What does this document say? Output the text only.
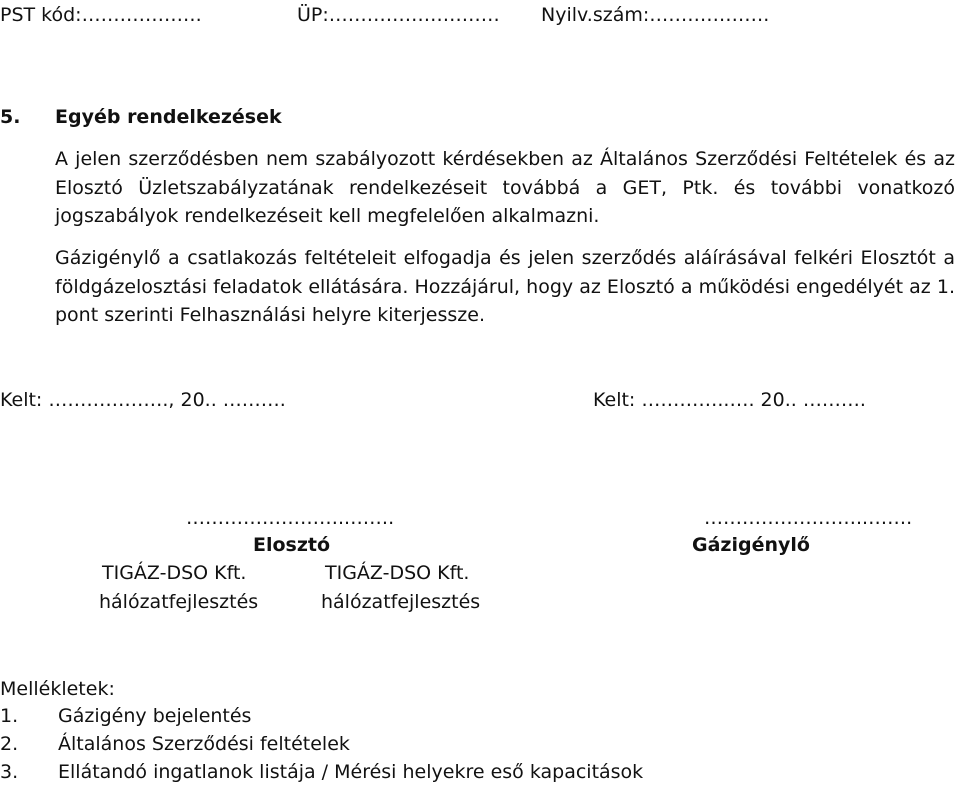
PST kód:……………….	ÜP:……………………… Nyilv.szám:……………….
5. Egyéb rendelkezések
A jelen szerződésben nem szabályozott kérdésekben az Általános Szerződési Feltételek és az Elosztó Üzletszabályzatának rendelkezéseit továbbá a GET, Ptk. és további vonatkozó jogszabályok rendelkezéseit kell megfelelően alkalmazni.
Gázigénylő a csatlakozás feltételeit elfogadja és jelen szerződés aláírásával felkéri Elosztót a földgázelosztási feladatok ellátására. Hozzájárul, hogy az Elosztó a működési engedélyét az 1. pont szerinti Felhasználási helyre kiterjessze.
Kelt: ………………., 20.. ……….	Kelt: …………..…. 20.. ……….
……………………..…….	……………………..…….
Elosztó	Gázigénylő
TIGÁZ-DSO Kft.	TIGÁZ-DSO Kft.
hálózatfejlesztés	hálózatfejlesztés
Mellékletek:
1. Gázigény bejelentés
2. Általános Szerződési feltételek
3. Ellátandó ingatlanok listája / Mérési helyekre eső kapacitások
